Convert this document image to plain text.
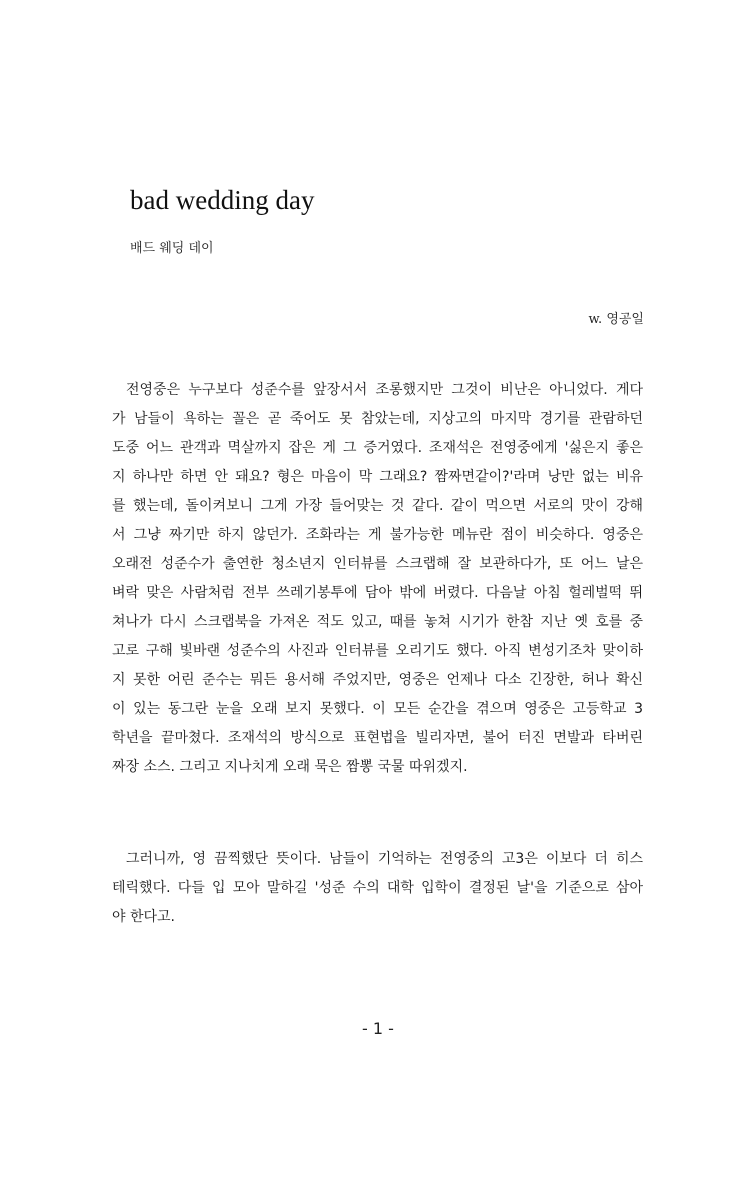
bad wedding day
배드 웨딩 데이
w. 영공일
전영중은 누구보다 성준수를 앞장서서 조롱했지만 그것이 비난은 아니었다. 게다
가 남들이 욕하는 꼴은 곧 죽어도 못 참았는데, 지상고의 마지막 경기를 관람하던
도중 어느 관객과 멱살까지 잡은 게 그 증거였다. 조재석은 전영중에게 '싫은지 좋은
지 하나만 하면 안 돼요? 형은 마음이 막 그래요? 짬짜면같이?'라며 낭만 없는 비유
를 했는데, 돌이켜보니 그게 가장 들어맞는 것 같다. 같이 먹으면 서로의 맛이 강해
서 그냥 짜기만 하지 않던가. 조화라는 게 불가능한 메뉴란 점이 비슷하다. 영중은
오래전 성준수가 출연한 청소년지 인터뷰를 스크랩해 잘 보관하다가, 또 어느 날은
벼락 맞은 사람처럼 전부 쓰레기봉투에 담아 밖에 버렸다. 다음날 아침 헐레벌떡 뛰
쳐나가 다시 스크랩북을 가져온 적도 있고, 때를 놓쳐 시기가 한참 지난 옛 호를 중
고로 구해 빛바랜 성준수의 사진과 인터뷰를 오리기도 했다. 아직 변성기조차 맞이하
지 못한 어린 준수는 뭐든 용서해 주었지만, 영중은 언제나 다소 긴장한, 허나 확신
이 있는 동그란 눈을 오래 보지 못했다. 이 모든 순간을 겪으며 영중은 고등학교 3
학년을 끝마쳤다. 조재석의 방식으로 표현법을 빌리자면, 불어 터진 면발과 타버린
짜장 소스. 그리고 지나치게 오래 묵은 짬뽕 국물 따위겠지.
그러니까, 영 끔찍했단 뜻이다. 남들이 기억하는 전영중의 고3은 이보다 더 히스
테릭했다. 다들 입 모아 말하길 '성준 수의 대학 입학이 결정된 날'을 기준으로 삼아
야 한다고.
- 1 -
